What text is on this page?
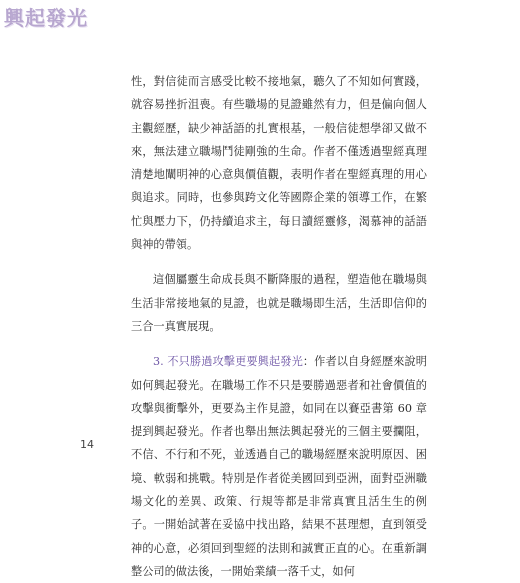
興起發光

性，對信徒而言感受比較不接地氣，聽久了不知如何實踐，就容易挫折沮喪。有些職場的見證雖然有力，但是偏向個人主觀經歷，缺少神話語的扎實根基，一般信徒想學卻又做不來，無法建立職場鬥徒剛強的生命。作者不僅透過聖經真理清楚地闡明神的心意與價值觀，表明作者在聖經真理的用心與追求。同時，也參與跨文化等國際企業的領導工作，在繁忙與壓力下，仍持續追求主，每日讀經靈修，渴慕神的話語與神的帶領。

這個屬靈生命成長與不斷降服的過程，塑造他在職場與生活非常接地氣的見證，也就是職場即生活，生活即信仰的三合一真實展現。

3. 不只勝過攻擊更要興起發光：作者以自身經歷來說明如何興起發光。在職場工作不只是要勝過惡者和社會價值的攻擊與衝擊外，更要為主作見證，如同在以賽亞書第 60 章提到興起發光。作者也舉出無法興起發光的三個主要攔阻，不信、不行和不死，並透過自己的職場經歷來說明原因、困境、軟弱和挑戰。特別是作者從美國回到亞洲，面對亞洲職場文化的差異、政策、行規等都是非常真實且活生生的例子。一開始試著在妥協中找出路，結果不甚理想，直到領受神的心意，必須回到聖經的法則和誠實正直的心。在重新調整公司的做法後，一開始業績一落千丈，如何

14
